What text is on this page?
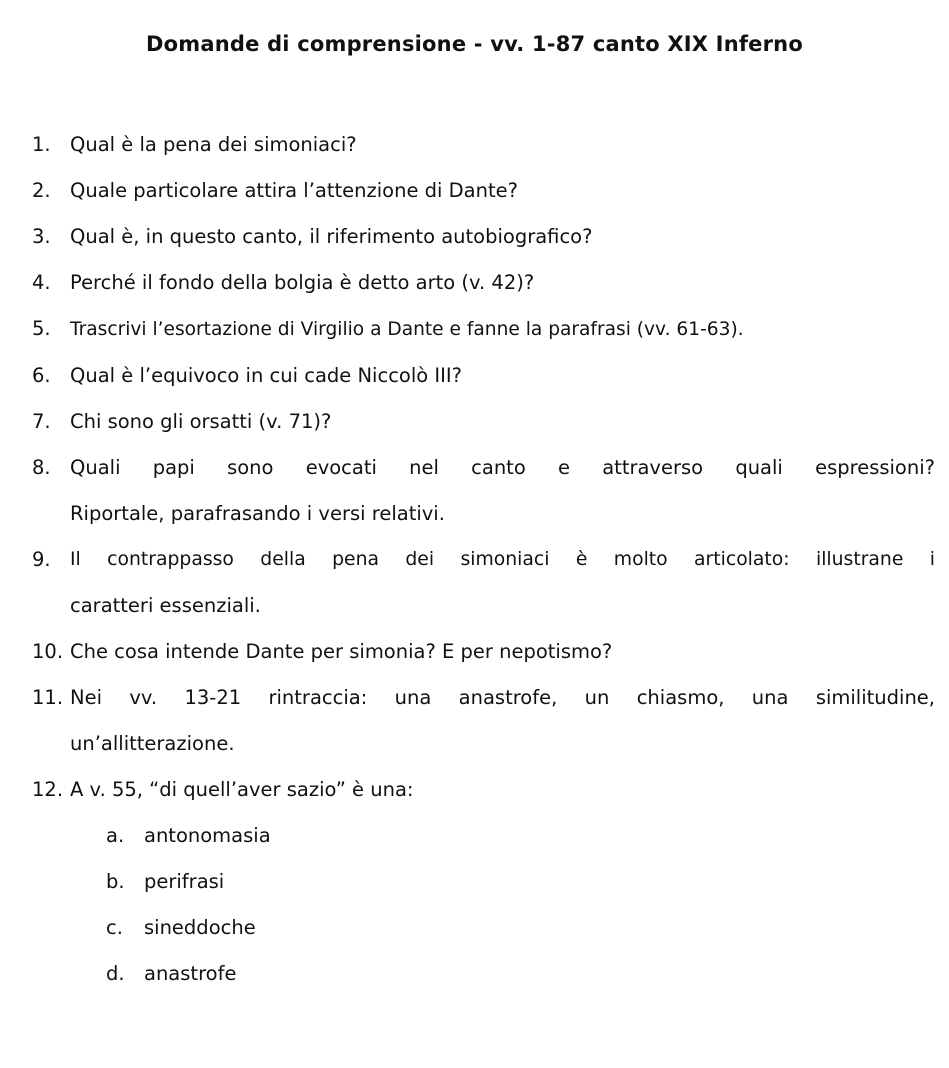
Domande di comprensione - vv. 1-87 canto XIX Inferno
1. Qual è la pena dei simoniaci?
2. Quale particolare attira l’attenzione di Dante?
3. Qual è, in questo canto, il riferimento autobiografico?
4. Perché il fondo della bolgia è detto arto (v. 42)?
5. Trascrivi l’esortazione di Virgilio a Dante e fanne la parafrasi (vv. 61-63).
6. Qual è l’equivoco in cui cade Niccolò III?
7. Chi sono gli orsatti (v. 71)?
8. Quali papi sono evocati nel canto e attraverso quali espressioni?
Riportale, parafrasando i versi relativi.
9. Il contrappasso della pena dei simoniaci è molto articolato: illustrane i
caratteri essenziali.
10. Che cosa intende Dante per simonia? E per nepotismo?
11. Nei vv. 13-21 rintraccia: una anastrofe, un chiasmo, una similitudine,
un’allitterazione.
12. A v. 55, “di quell’aver sazio” è una:
a. antonomasia
b. perifrasi
c. sineddoche
d. anastrofe
